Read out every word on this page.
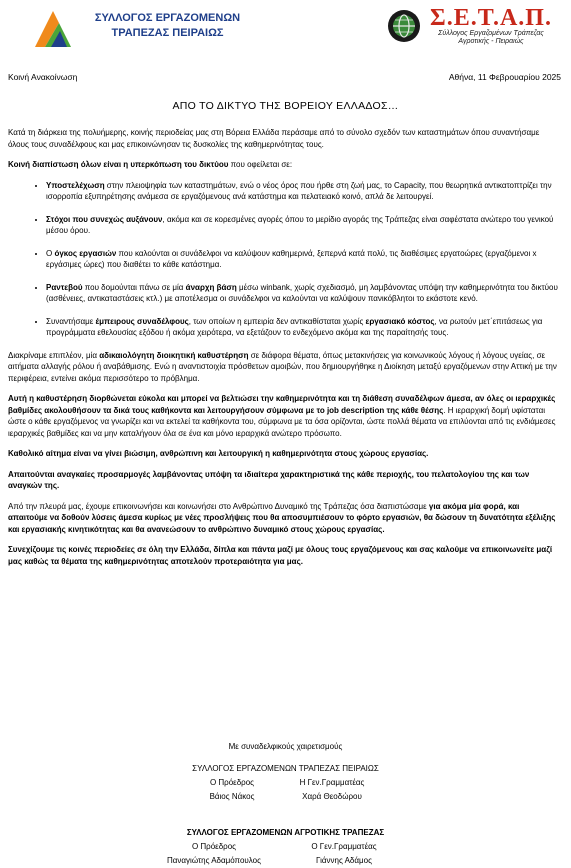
ΣΥΛΛΟΓΟΣ ΕΡΓΑΖΟΜΕΝΩΝ
ΤΡΑΠΕΖΑΣ ΠΕΙΡΑΙΩΣ
Σ.Ε.Τ.Α.Π.
Σύλλογος Εργαζομένων Τράπεζας
Αγροτικής - Πειραιώς
Κοινή Ανακοίνωση	Αθήνα, 11 Φεβρουαρίου 2025
ΑΠΟ ΤΟ ΔΙΚΤΥΟ ΤΗΣ ΒΟΡΕΙΟΥ ΕΛΛΑΔΟΣ…

Κατά τη διάρκεια της πολυήμερης, κοινής περιοδείας μας στη Βόρεια Ελλάδα περάσαμε από το σύνολο σχεδόν των καταστημάτων όπου συναντήσαμε όλους τους συναδέλφους και μας επικοινώνησαν τις δυσκολίες της καθημερινότητας τους.

Κοινή διαπίστωση όλων είναι η υπερκόπωση του δικτύου που οφείλεται σε:

• Υποστελέχωση στην πλειοψηφία των καταστημάτων, ενώ ο νέος όρος που ήρθε στη ζωή μας, το Capacity, που θεωρητικά αντικατοπτρίζει την ισορροπία εξυπηρέτησης ανάμεσα σε εργαζόμενους ανά κατάστημα και πελατειακό κοινό, απλά δε λειτουργεί.
• Στόχοι που συνεχώς αυξάνουν, ακόμα και σε κορεσμένες αγορές όπου το μερίδιο αγοράς της Τράπεζας είναι σαφέστατα ανώτερο του γενικού μέσου όρου.
• Ο όγκος εργασιών που καλούνται οι συνάδελφοι να καλύψουν καθημερινά, ξεπερνά κατά πολύ, τις διαθέσιμες εργατοώρες (εργαζόμενοι x εργάσιμες ώρες) που διαθέτει το κάθε κατάστημα.
• Ραντεβού που δομούνται πάνω σε μία άναρχη βάση μέσω winbank, χωρίς σχεδιασμό, μη λαμβάνοντας υπόψη την καθημερινότητα του δικτύου (ασθένειες, αντικαταστάσεις κτλ.) με αποτέλεσμα οι συνάδελφοι να καλούνται να καλύψουν πανικόβλητοι το εκάστοτε κενό.
• Συναντήσαμε έμπειρους συναδέλφους, των οποίων η εμπειρία δεν αντικαθίσταται χωρίς εργασιακό κόστος, να ρωτούν μετ΄επιτάσεως για προγράμματα εθελουσίας εξόδου ή ακόμα χειρότερα, να εξετάζουν το ενδεχόμενο ακόμα και της παραίτησής τους.

Διακρίναμε επιπλέον, μία αδικαιολόγητη διοικητική καθυστέρηση σε διάφορα θέματα, όπως μετακινήσεις για κοινωνικούς λόγους ή λόγους υγείας, σε αιτήματα αλλαγής ρόλου ή αναβάθμισης. Ενώ η αναντιστοιχία πρόσθετων αμοιβών, που δημιουργήθηκε η Διοίκηση μεταξύ εργαζόμενων στην Αττική με την περιφέρεια, εντείνει ακόμα περισσότερο το πρόβλημα.

Αυτή η καθυστέρηση διορθώνεται εύκολα και μπορεί να βελτιώσει την καθημερινότητα και τη διάθεση συναδέλφων άμεσα, αν όλες οι ιεραρχικές βαθμίδες ακολουθήσουν τα δικά τους καθήκοντα και λειτουργήσουν σύμφωνα με το job description της κάθε θέσης. Η ιεραρχική δομή υφίσταται ώστε ο κάθε εργαζόμενος να γνωρίζει και να εκτελεί τα καθήκοντα του, σύμφωνα με τα όσα ορίζονται, ώστε πολλά θέματα να επιλύονται από τις ενδιάμεσες ιεραρχικές βαθμίδες και να μην καταλήγουν όλα σε ένα και μόνο ιεραρχικά ανώτερο πρόσωπο.

Καθολικό αίτημα είναι να γίνει βιώσιμη, ανθρώπινη και λειτουργική η καθημερινότητα στους χώρους εργασίας.

Απαιτούνται αναγκαίες προσαρμογές λαμβάνοντας υπόψη τα ιδιαίτερα χαρακτηριστικά της κάθε περιοχής, του πελατολογίου της και των αναγκών της.

Από την πλευρά μας, έχουμε επικοινωνήσει και κοινωνήσει στο Ανθρώπινο Δυναμικό της Τράπεζας όσα διαπιστώσαμε για ακόμα μία φορά, και απαιτούμε να δοθούν λύσεις άμεσα κυρίως με νέες προσλήψεις που θα αποσυμπιέσουν το φόρτο εργασιών, θα δώσουν τη δυνατότητα εξέλιξης και εργασιακής κινητικότητας και θα ανανεώσουν το ανθρώπινο δυναμικό στους χώρους εργασίας.

Συνεχίζουμε τις κοινές περιοδείες σε όλη την Ελλάδα, δίπλα και πάντα μαζί με όλους τους εργαζόμενους και σας καλούμε να επικοινωνείτε μαζί μας καθώς τα θέματα της καθημερινότητας αποτελούν προτεραιότητα για μας.

Με συναδελφικούς χαιρετισμούς
ΣΥΛΛΟΓΟΣ ΕΡΓΑΖΟΜΕΝΩΝ ΤΡΑΠΕΖΑΣ ΠΕΙΡΑΙΩΣ
Ο Πρόεδρος
Βάιος Νάκος
Η Γεν.Γραμματέας
Χαρά Θεοδώρου
ΣΥΛΛΟΓΟΣ ΕΡΓΑΖΟΜΕΝΩΝ ΑΓΡΟΤΙΚΗΣ ΤΡΑΠΕΖΑΣ
Ο Πρόεδρος
Παναγιώτης Αδαμόπουλος
Ο Γεν.Γραμματέας
Γιάννης Αδάμος
